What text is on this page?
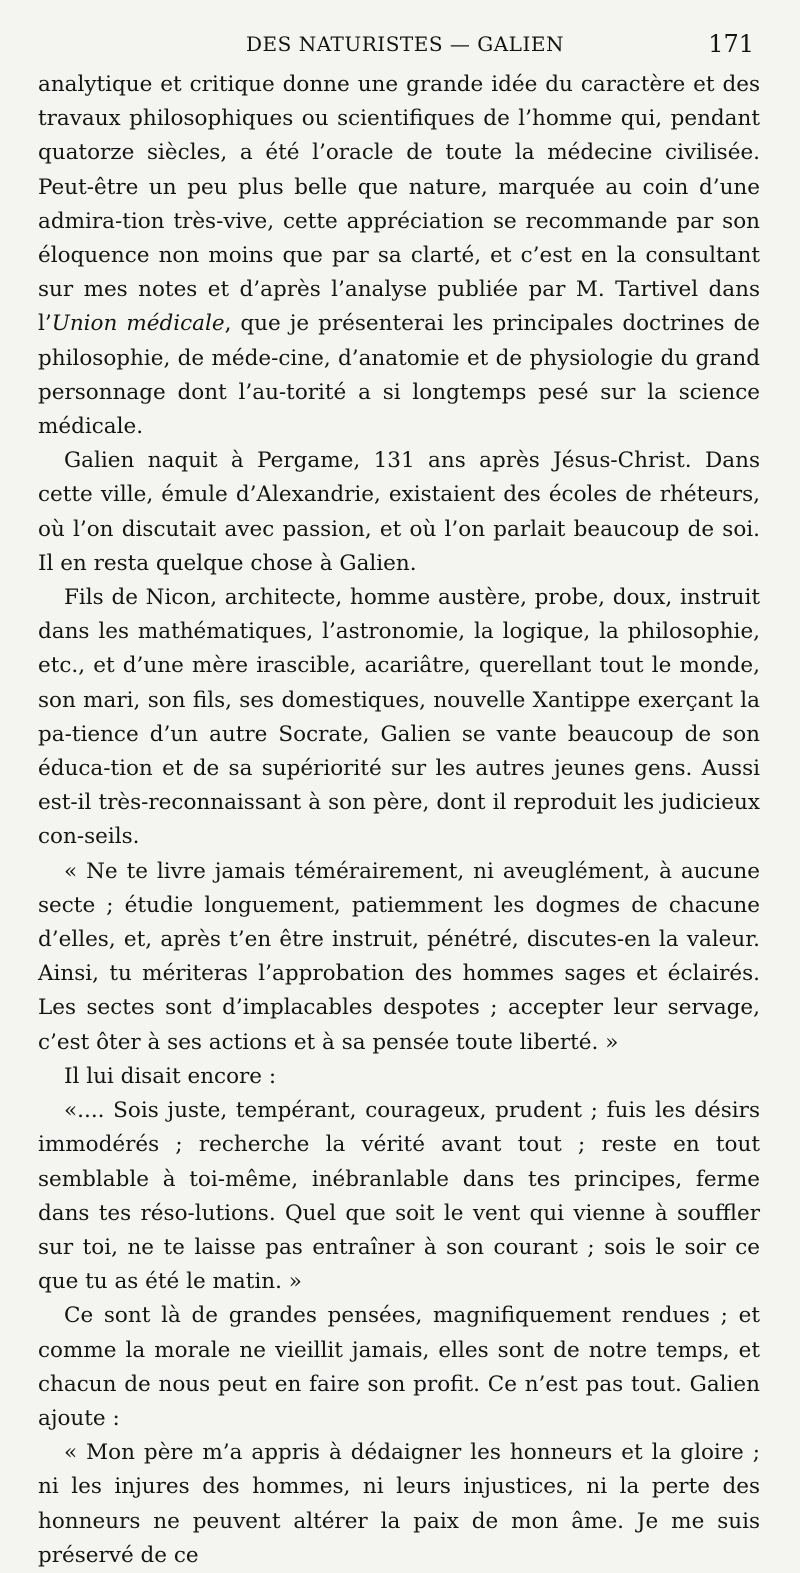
DES NATURISTES — GALIEN	171

analytique et critique donne une grande idée du caractère et des travaux philosophiques ou scientifiques de l’homme qui, pendant quatorze siècles, a été l’oracle de toute la médecine civilisée. Peut-être un peu plus belle que nature, marquée au coin d’une admira-tion très-vive, cette appréciation se recommande par son éloquence non moins que par sa clarté, et c’est en la consultant sur mes notes et d’après l’analyse publiée par M. Tartivel dans l’Union médicale, que je présenterai les principales doctrines de philosophie, de méde-cine, d’anatomie et de physiologie du grand personnage dont l’au-torité a si longtemps pesé sur la science médicale.

Galien naquit à Pergame, 131 ans après Jésus-Christ. Dans cette ville, émule d’Alexandrie, existaient des écoles de rhéteurs, où l’on discutait avec passion, et où l’on parlait beaucoup de soi. Il en resta quelque chose à Galien.

Fils de Nicon, architecte, homme austère, probe, doux, instruit dans les mathématiques, l’astronomie, la logique, la philosophie, etc., et d’une mère irascible, acariâtre, querellant tout le monde, son mari, son fils, ses domestiques, nouvelle Xantippe exerçant la pa-tience d’un autre Socrate, Galien se vante beaucoup de son éduca-tion et de sa supériorité sur les autres jeunes gens. Aussi est-il très-reconnaissant à son père, dont il reproduit les judicieux con-seils.

« Ne te livre jamais témérairement, ni aveuglément, à aucune secte ; étudie longuement, patiemment les dogmes de chacune d’elles, et, après t’en être instruit, pénétré, discutes-en la valeur. Ainsi, tu mériteras l’approbation des hommes sages et éclairés. Les sectes sont d’implacables despotes ; accepter leur servage, c’est ôter à ses actions et à sa pensée toute liberté. »

Il lui disait encore :

«.... Sois juste, tempérant, courageux, prudent ; fuis les désirs immodérés ; recherche la vérité avant tout ; reste en tout semblable à toi-même, inébranlable dans tes principes, ferme dans tes réso-lutions. Quel que soit le vent qui vienne à souffler sur toi, ne te laisse pas entraîner à son courant ; sois le soir ce que tu as été le matin. »

Ce sont là de grandes pensées, magnifiquement rendues ; et comme la morale ne vieillit jamais, elles sont de notre temps, et chacun de nous peut en faire son profit. Ce n’est pas tout. Galien ajoute :

« Mon père m’a appris à dédaigner les honneurs et la gloire ; ni les injures des hommes, ni leurs injustices, ni la perte des honneurs ne peuvent altérer la paix de mon âme. Je me suis préservé de ce
